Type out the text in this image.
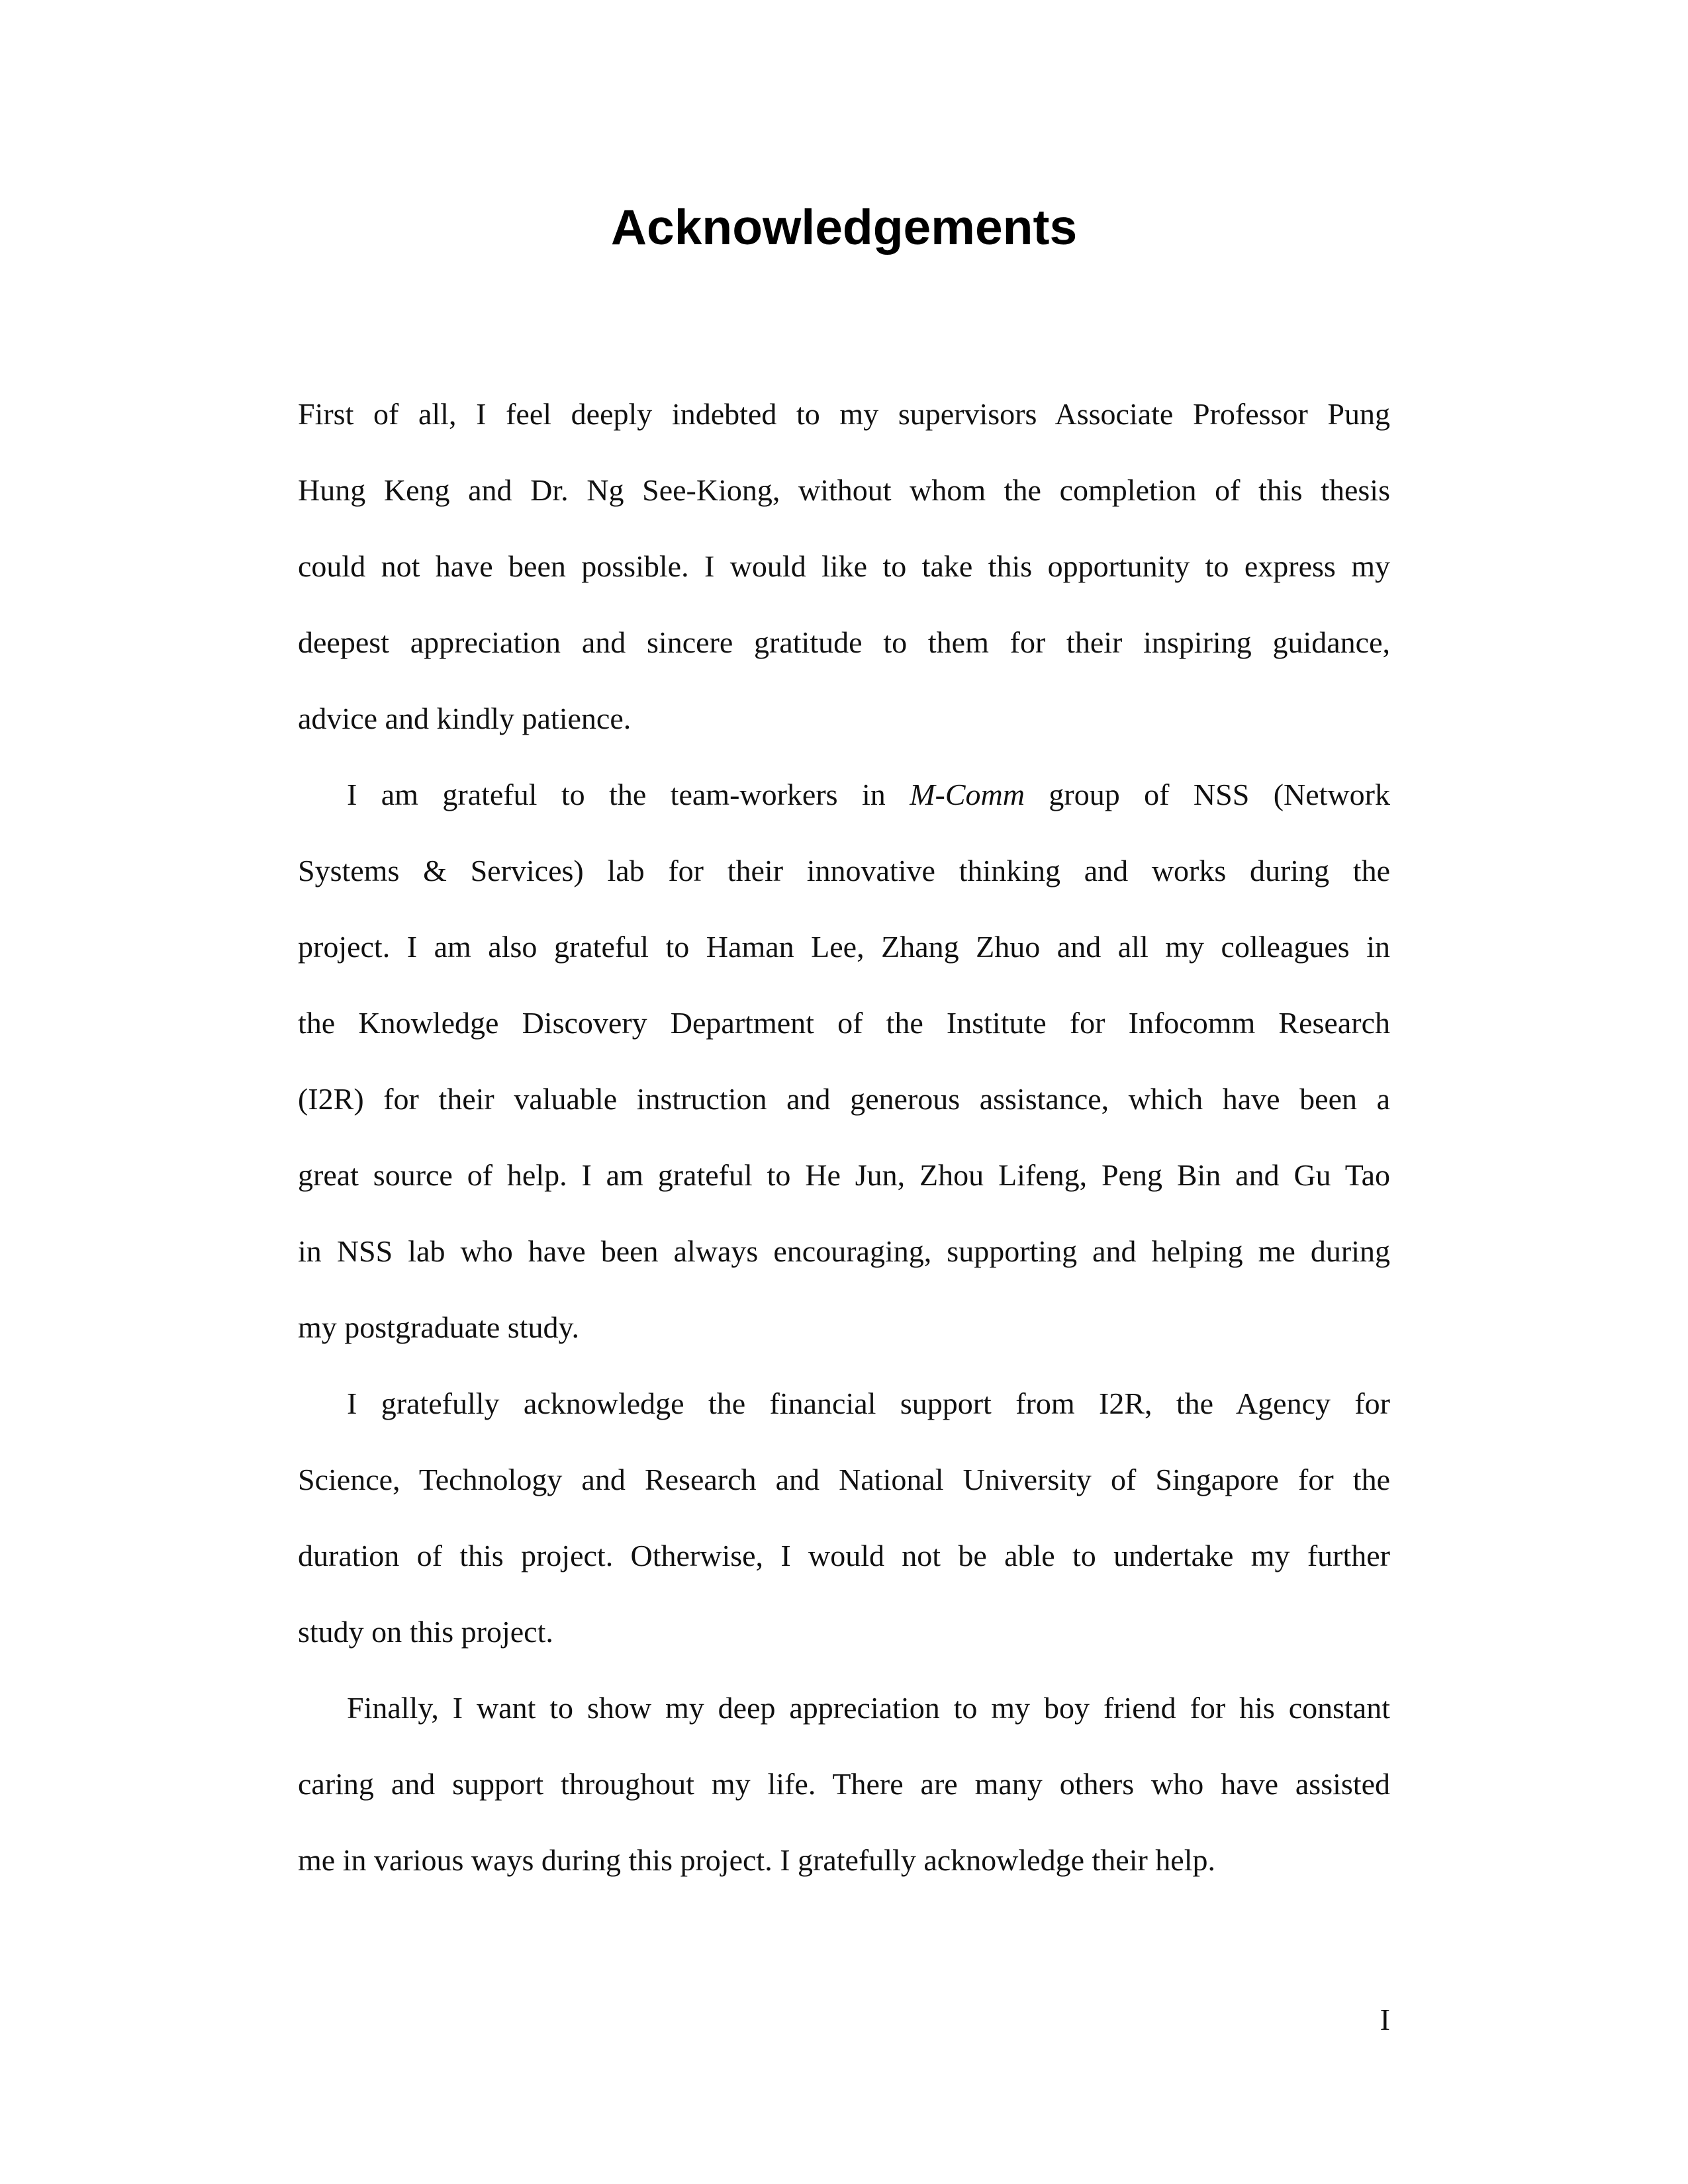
Acknowledgements
First of all, I feel deeply indebted to my supervisors Associate Professor Pung
Hung Keng and Dr. Ng See-Kiong, without whom the completion of this thesis
could not have been possible. I would like to take this opportunity to express my
deepest appreciation and sincere gratitude to them for their inspiring guidance,
advice and kindly patience.
I am grateful to the team-workers in M-Comm group of NSS (Network
Systems & Services) lab for their innovative thinking and works during the
project. I am also grateful to Haman Lee, Zhang Zhuo and all my colleagues in
the Knowledge Discovery Department of the Institute for Infocomm Research
(I2R) for their valuable instruction and generous assistance, which have been a
great source of help. I am grateful to He Jun, Zhou Lifeng, Peng Bin and Gu Tao
in NSS lab who have been always encouraging, supporting and helping me during
my postgraduate study.
I gratefully acknowledge the financial support from I2R, the Agency for
Science, Technology and Research and National University of Singapore for the
duration of this project. Otherwise, I would not be able to undertake my further
study on this project.
Finally, I want to show my deep appreciation to my boy friend for his constant
caring and support throughout my life. There are many others who have assisted
me in various ways during this project. I gratefully acknowledge their help.
I
